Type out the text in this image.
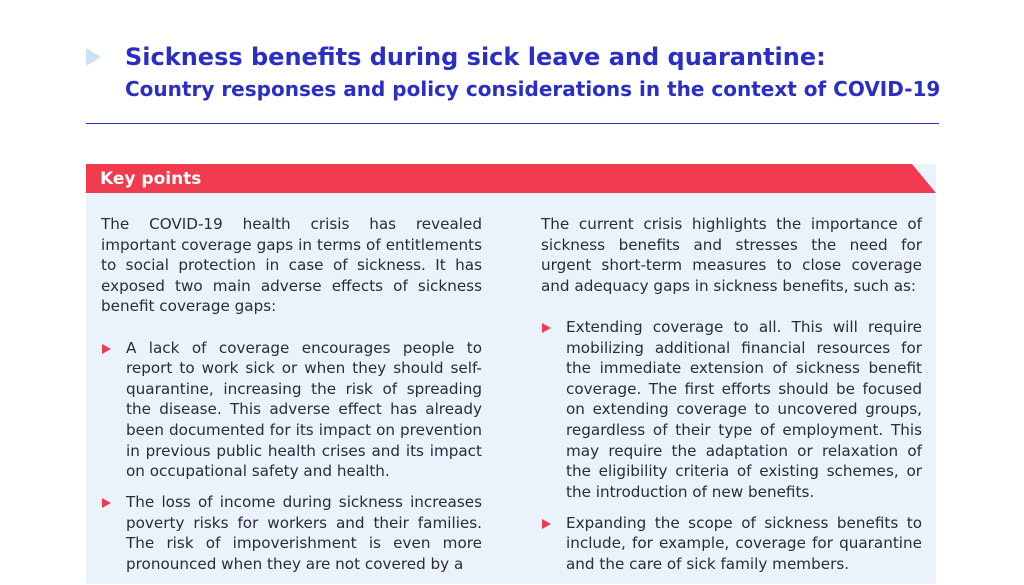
Sickness benefits during sick leave and quarantine:
Country responses and policy considerations in the context of COVID-19
Key points

The COVID-19 health crisis has revealed important coverage gaps in terms of entitlements to social protection in case of sickness. It has exposed two main adverse effects of sickness benefit coverage gaps:

A lack of coverage encourages people to report to work sick or when they should self-quarantine, increasing the risk of spreading the disease. This adverse effect has already been documented for its impact on prevention in previous public health crises and its impact on occupational safety and health.
The loss of income during sickness increases poverty risks for workers and their families. The risk of impoverishment is even more pronounced when they are not covered by a

The current crisis highlights the importance of sickness benefits and stresses the need for urgent short-term measures to close coverage and adequacy gaps in sickness benefits, such as:

Extending coverage to all. This will require mobilizing additional financial resources for the immediate extension of sickness benefit coverage. The first efforts should be focused on extending coverage to uncovered groups, regardless of their type of employment. This may require the adaptation or relaxation of the eligibility criteria of existing schemes, or the introduction of new benefits.
Expanding the scope of sickness benefits to include, for example, coverage for quarantine and the care of sick family members.
